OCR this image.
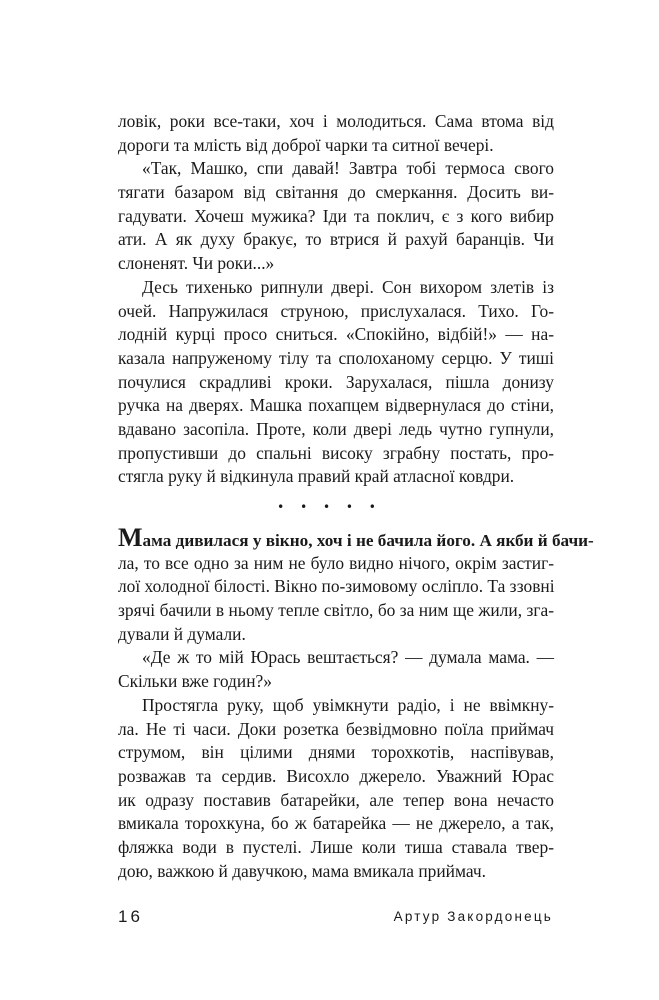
ловік, роки все-таки, хоч і молодиться. Сама втома від
дороги та млість від доброї чарки та ситної вечері.
«Так, Машко, спи давай! Завтра тобі термоса свого
тягати базаром від світання до смеркання. Досить ви-
гадувати. Хочеш мужика? Іди та поклич, є з кого вибир
ати. А як духу бракує, то втрися й рахуй баранців. Чи
слоненят. Чи роки...»
Десь тихенько рипнули двері. Сон вихором злетів із
очей. Напружилася струною, прислухалася. Тихо. Го-
лодній курці просо сниться. «Спокійно, відбій!» — на-
казала напруженому тілу та сполоханому серцю. У тиші
почулися скрадливі кроки. Зарухалася, пішла донизу
ручка на дверях. Машка похапцем відвернулася до стіни,
вдавано засопіла. Проте, коли двері ледь чутно гупнули,
пропустивши до спальні високу зграбну постать, про-
стягла руку й відкинула правий край атласної ковдри.
• • • • •
Мама дивилася у вікно, хоч і не бачила його. А якби й бачи-
ла, то все одно за ним не було видно нічого, окрім застиг-
лої холодної білості. Вікно по-зимовому осліпло. Та ззовні
зрячі бачили в ньому тепле світло, бо за ним ще жили, зга-
дували й думали.
«Де ж то мій Юрась вештається? — думала мама. —
Скільки вже годин?»
Простягла руку, щоб увімкнути радіо, і не ввімкну-
ла. Не ті часи. Доки розетка безвідмовно поїла приймач
струмом, він цілими днями торохкотів, наспівував,
розважав та сердив. Висохло джерело. Уважний Юрас
ик одразу поставив батарейки, але тепер вона нечасто
вмикала торохкуна, бо ж батарейка — не джерело, а так,
фляжка води в пустелі. Лише коли тиша ставала твер-
дою, важкою й давучкою, мама вмикала приймач.
16	Артур Закордонець
